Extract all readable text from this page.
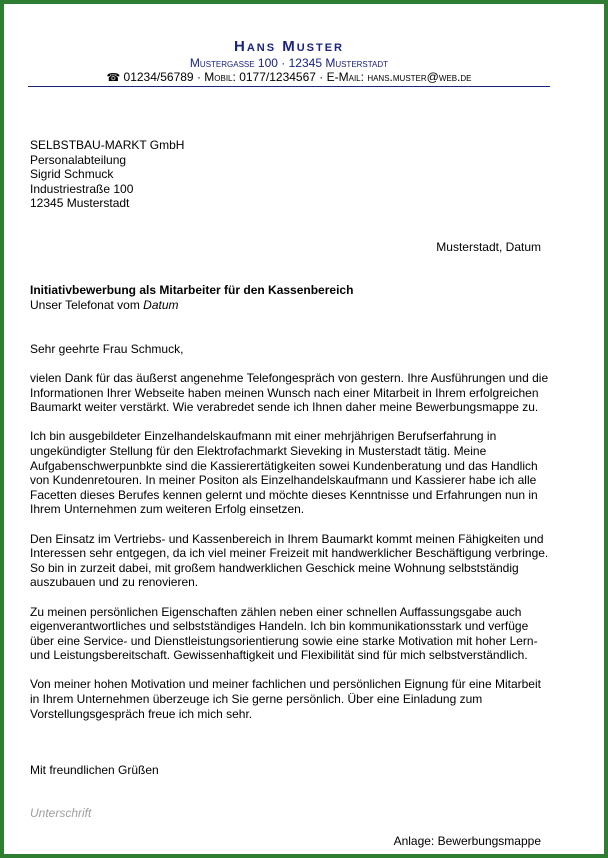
Hans Muster
Mustergasse 100 · 12345 Musterstadt
☎ 01234/56789 · Mobil: 0177/1234567 · E-Mail: hans.muster@web.de
SELBSTBAU-MARKT GmbH
Personalabteilung
Sigrid Schmuck
Industriestraße 100
12345 Musterstadt
Musterstadt, Datum
Initiativbewerbung als Mitarbeiter für den Kassenbereich
Unser Telefonat vom Datum
Sehr geehrte Frau Schmuck,

vielen Dank für das äußerst angenehme Telefongespräch von gestern. Ihre Ausführungen und die Informationen Ihrer Webseite haben meinen Wunsch nach einer Mitarbeit in Ihrem erfolgreichen Baumarkt weiter verstärkt. Wie verabredet sende ich Ihnen daher meine Bewerbungsmappe zu.

Ich bin ausgebildeter Einzelhandelskaufmann mit einer mehrjährigen Berufserfahrung in ungekündigter Stellung für den Elektrofachmarkt Sieveking in Musterstadt tätig. Meine Aufgabenschwerpunbkte sind die Kassierertätigkeiten sowei Kundenberatung und das Handlich von Kundenretouren. In meiner Positon als Einzelhandelskaufmann und Kassierer habe ich alle Facetten dieses Berufes kennen gelernt und möchte dieses Kenntnisse und Erfahrungen nun in Ihrem Unternehmen zum weiteren Erfolg einsetzen.

Den Einsatz im Vertriebs- und Kassenbereich in Ihrem Baumarkt kommt meinen Fähigkeiten und Interessen sehr entgegen, da ich viel meiner Freizeit mit handwerklicher Beschäftigung verbringe. So bin in zurzeit dabei, mit großem handwerklichen Geschick meine Wohnung selbstständig auszubauen und zu renovieren.

Zu meinen persönlichen Eigenschaften zählen neben einer schnellen Auffassungsgabe auch eigenverantwortliches und selbstständiges Handeln. Ich bin kommunikationsstark und verfüge über eine Service- und Dienstleistungsorientierung sowie eine starke Motivation mit hoher Lern- und Leistungsbereitschaft. Gewissenhaftigkeit und Flexibilität sind für mich selbstverständlich.

Von meiner hohen Motivation und meiner fachlichen und persönlichen Eignung für eine Mitarbeit in Ihrem Unternehmen überzeuge ich Sie gerne persönlich. Über eine Einladung zum Vorstellungsgespräch freue ich mich sehr.

Mit freundlichen Grüßen
Unterschrift
Anlage: Bewerbungsmappe
